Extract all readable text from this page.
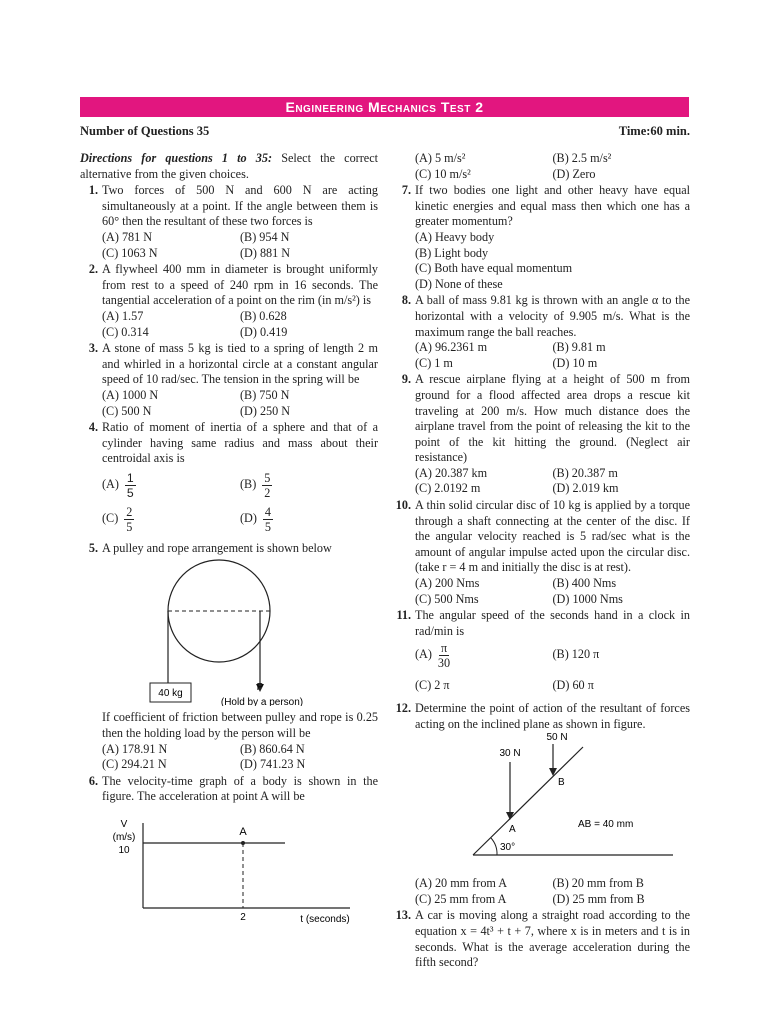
Engineering Mechanics Test 2
Number of Questions 35	Time:60 min.

Directions for questions 1 to 35: Select the correct alternative from the given choices.

1. Two forces of 500 N and 600 N are acting simultaneously at a point. If the angle between them is 60° then the resultant of these two forces is
(A) 781 N	(B) 954 N
(C) 1063 N	(D) 881 N
2. A flywheel 400 mm in diameter is brought uniformly from rest to a speed of 240 rpm in 16 seconds. The tangential acceleration of a point on the rim (in m/s²) is
(A) 1.57	(B) 0.628
(C) 0.314	(D) 0.419
3. A stone of mass 5 kg is tied to a spring of length 2 m and whirled in a horizontal circle at a constant angular speed of 10 rad/sec. The tension in the spring will be
(A) 1000 N	(B) 750 N
(C) 500 N	(D) 250 N
4. Ratio of moment of inertia of a sphere and that of a cylinder having same radius and mass about their centroidal axis is
$(A) \frac{1}{5}$	$(B) \frac{5}{2}$
$(C) \frac{2}{5}$	$(D) \frac{4}{5}$
5. A pulley and rope arrangement is shown below
40 kg
P
(Hold by a person)
If coefficient of friction between pulley and rope is 0.25 then the holding load by the person will be
(A) 178.91 N	(B) 860.64 N
(C) 294.21 N	(D) 741.23 N
6. The velocity-time graph of a body is shown in the figure. The acceleration at point A will be
V
(m/s)
10
A
2	t (seconds)
(A) 5 m/s²	(B) 2.5 m/s²
(C) 10 m/s²	(D) Zero
7. If two bodies one light and other heavy have equal kinetic energies and equal mass then which one has a greater momentum?
(A) Heavy body
(B) Light body
(C) Both have equal momentum
(D) None of these
8. A ball of mass 9.81 kg is thrown with an angle α to the horizontal with a velocity of 9.905 m/s. What is the maximum range the ball reaches.
(A) 96.2361 m	(B) 9.81 m
(C) 1 m	(D) 10 m
9. A rescue airplane flying at a height of 500 m from ground for a flood affected area drops a rescue kit traveling at 200 m/s. How much distance does the airplane travel from the point of releasing the kit to the point of the kit hitting the ground. (Neglect air resistance)
(A) 20.387 km	(B) 20.387 m
(C) 2.0192 m	(D) 2.019 km
10. A thin solid circular disc of 10 kg is applied by a torque through a shaft connecting at the center of the disc. If the angular velocity reached is 5 rad/sec what is the amount of angular impulse acted upon the circular disc. (take r = 4 m and initially the disc is at rest).
(A) 200 Nms	(B) 400 Nms
(C) 500 Nms	(D) 1000 Nms
11. The angular speed of the seconds hand in a clock in rad/min is
$(A) \frac{\pi}{30}$	(B) 120 π
(C) 2 π	(D) 60 π
12. Determine the point of action of the resultant of forces acting on the inclined plane as shown in figure.
50 N
30 N
B
A	AB = 40 mm
30°
(A) 20 mm from A	(B) 20 mm from B
(C) 25 mm from A	(D) 25 mm from B
13. A car is moving along a straight road according to the equation x = 4t³ + t + 7, where x is in meters and t is in seconds. What is the average acceleration during the fifth second?
